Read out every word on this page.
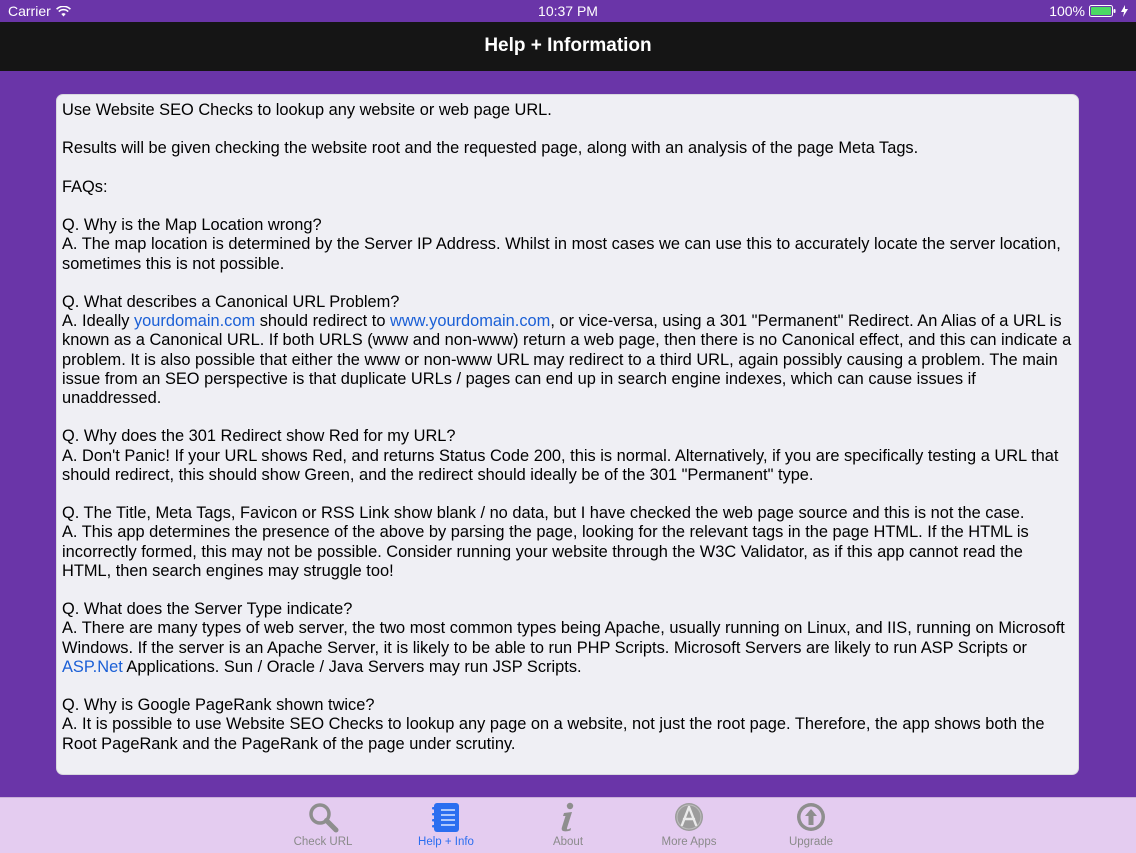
Carrier	10:37 PM	100%
Help + Information

Use Website SEO Checks to lookup any website or web page URL.

Results will be given checking the website root and the requested page, along with an analysis of the page Meta Tags.

FAQs:

Q. Why is the Map Location wrong?
A. The map location is determined by the Server IP Address. Whilst in most cases we can use this to accurately locate the server location, sometimes this is not possible.

Q. What describes a Canonical URL Problem?
A. Ideally yourdomain.com should redirect to www.yourdomain.com, or vice-versa, using a 301 "Permanent" Redirect. An Alias of a URL is known as a Canonical URL. If both URLS (www and non-www) return a web page, then there is no Canonical effect, and this can indicate a problem. It is also possible that either the www or non-www URL may redirect to a third URL, again possibly causing a problem. The main issue from an SEO perspective is that duplicate URLs / pages can end up in search engine indexes, which can cause issues if unaddressed.

Q. Why does the 301 Redirect show Red for my URL?
A. Don't Panic! If your URL shows Red, and returns Status Code 200, this is normal. Alternatively, if you are specifically testing a URL that should redirect, this should show Green, and the redirect should ideally be of the 301 "Permanent" type.

Q. The Title, Meta Tags, Favicon or RSS Link show blank / no data, but I have checked the web page source and this is not the case.
A. This app determines the presence of the above by parsing the page, looking for the relevant tags in the page HTML. If the HTML is incorrectly formed, this may not be possible. Consider running your website through the W3C Validator, as if this app cannot read the HTML, then search engines may struggle too!

Q. What does the Server Type indicate?
A. There are many types of web server, the two most common types being Apache, usually running on Linux, and IIS, running on Microsoft Windows. If the server is an Apache Server, it is likely to be able to run PHP Scripts. Microsoft Servers are likely to run ASP Scripts or ASP.Net Applications. Sun / Oracle / Java Servers may run JSP Scripts.

Q. Why is Google PageRank shown twice?
A. It is possible to use Website SEO Checks to lookup any page on a website, not just the root page. Therefore, the app shows both the Root PageRank and the PageRank of the page under scrutiny.

Check URL	Help + Info	About	More Apps	Upgrade
